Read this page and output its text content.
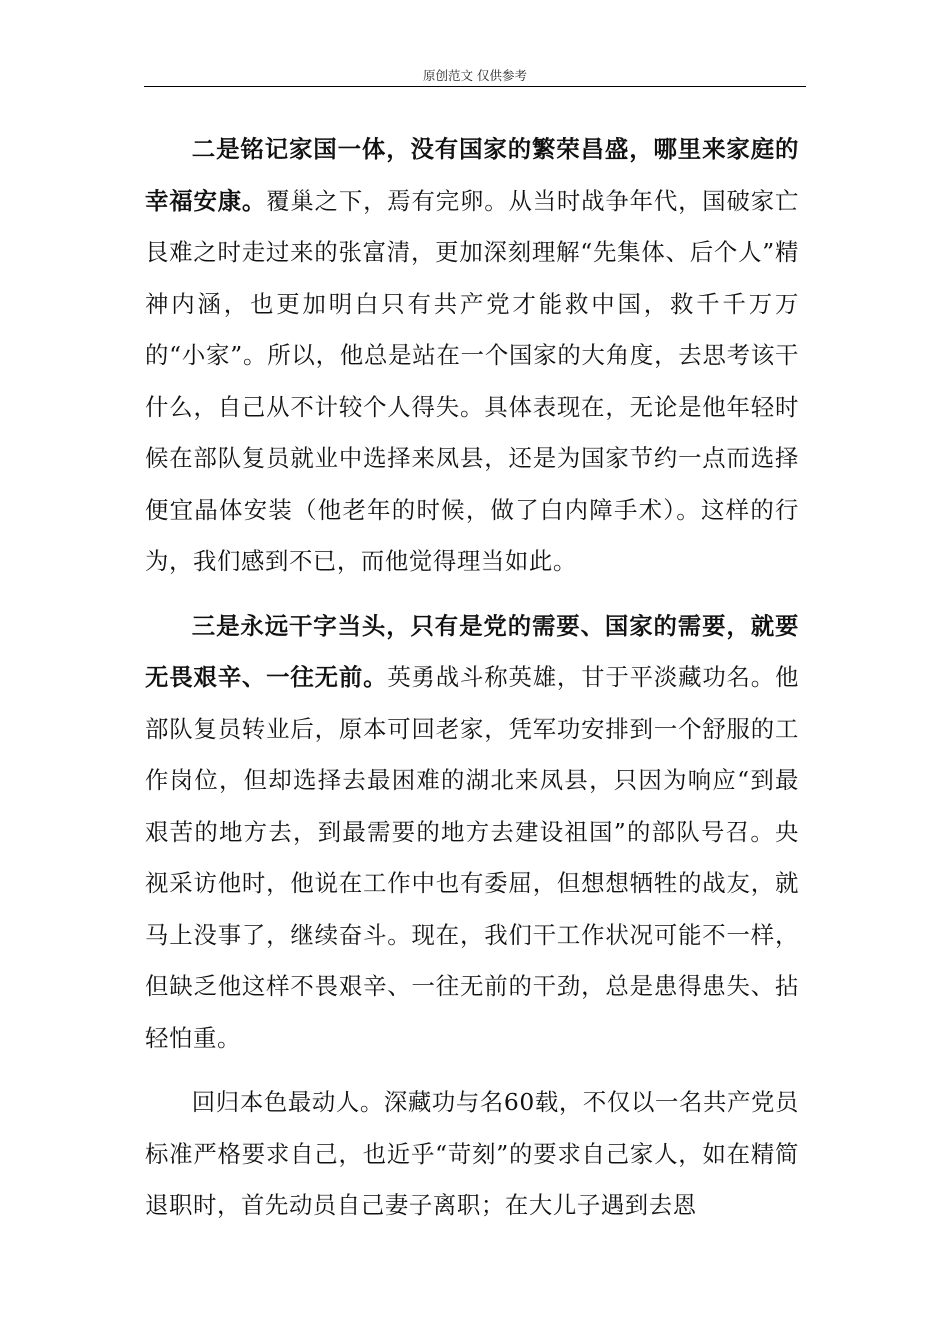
原创范文 仅供参考

二是铭记家国一体，没有国家的繁荣昌盛，哪里来家庭的幸福安康。覆巢之下，焉有完卵。从当时战争年代，国破家亡艮难之时走过来的张富清，更加深刻理解“先集体、后个人”精神内涵，也更加明白只有共产党才能救中国，救千千万万的“小家”。所以，他总是站在一个国家的大角度，去思考该干什么，自己从不计较个人得失。具体表现在，无论是他年轻时候在部队复员就业中选择来凤县，还是为国家节约一点而选择便宜晶体安装（他老年的时候，做了白内障手术）。这样的行为，我们感到不已，而他觉得理当如此。

三是永远干字当头，只有是党的需要、国家的需要，就要无畏艰辛、一往无前。英勇战斗称英雄，甘于平淡藏功名。他部队复员转业后，原本可回老家，凭军功安排到一个舒服的工作岗位，但却选择去最困难的湖北来凤县，只因为响应“到最艰苦的地方去，到最需要的地方去建设祖国”的部队号召。央视采访他时，他说在工作中也有委屈，但想想牺牲的战友，就马上没事了，继续奋斗。现在，我们干工作状况可能不一样，但缺乏他这样不畏艰辛、一往无前的干劲，总是患得患失、拈轻怕重。

回归本色最动人。深藏功与名60载，不仅以一名共产党员标准严格要求自己，也近乎“苛刻”的要求自己家人，如在精简退职时，首先动员自己妻子离职；在大儿子遇到去恩
